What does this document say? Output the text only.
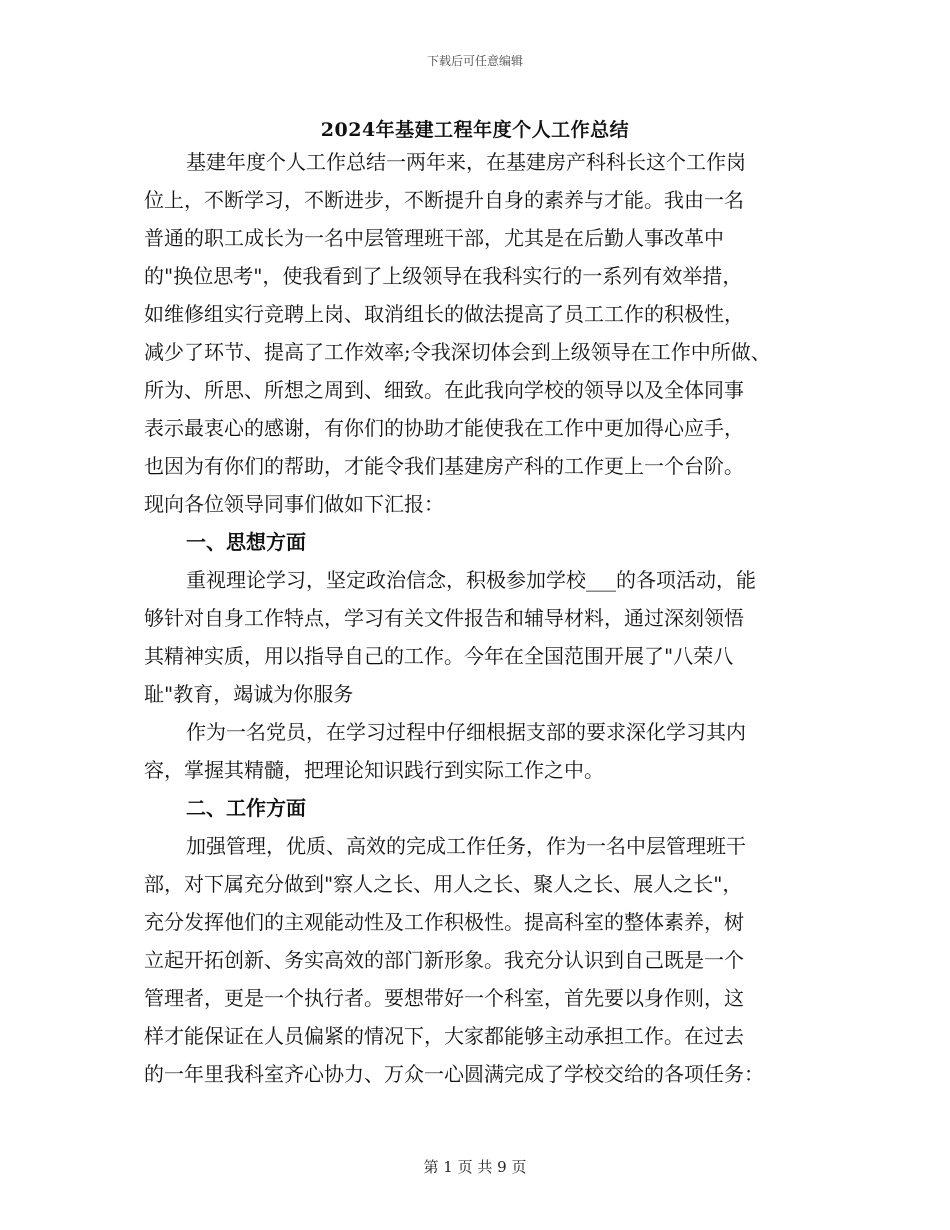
下载后可任意编辑
2024年基建工程年度个人工作总结
基建年度个人工作总结一两年来，在基建房产科科长这个工作岗
位上，不断学习，不断进步，不断提升自身的素养与才能。我由一名
普通的职工成长为一名中层管理班干部，尤其是在后勤人事改革中
的"换位思考"，使我看到了上级领导在我科实行的一系列有效举措，
如维修组实行竞聘上岗、取消组长的做法提高了员工工作的积极性，
减少了环节、提高了工作效率;令我深切体会到上级领导在工作中所做、
所为、所思、所想之周到、细致。在此我向学校的领导以及全体同事
表示最衷心的感谢，有你们的协助才能使我在工作中更加得心应手，
也因为有你们的帮助，才能令我们基建房产科的工作更上一个台阶。
现向各位领导同事们做如下汇报：
一、思想方面
重视理论学习，坚定政治信念，积极参加学校___的各项活动，能
够针对自身工作特点，学习有关文件报告和辅导材料，通过深刻领悟
其精神实质，用以指导自己的工作。今年在全国范围开展了"八荣八
耻"教育，竭诚为你服务
作为一名党员，在学习过程中仔细根据支部的要求深化学习其内
容，掌握其精髓，把理论知识践行到实际工作之中。
二、工作方面
加强管理，优质、高效的完成工作任务，作为一名中层管理班干
部，对下属充分做到"察人之长、用人之长、聚人之长、展人之长"，
充分发挥他们的主观能动性及工作积极性。提高科室的整体素养，树
立起开拓创新、务实高效的部门新形象。我充分认识到自己既是一个
管理者，更是一个执行者。要想带好一个科室，首先要以身作则，这
样才能保证在人员偏紧的情况下，大家都能够主动承担工作。在过去
的一年里我科室齐心协力、万众一心圆满完成了学校交给的各项任务：
第 1 页 共 9 页
